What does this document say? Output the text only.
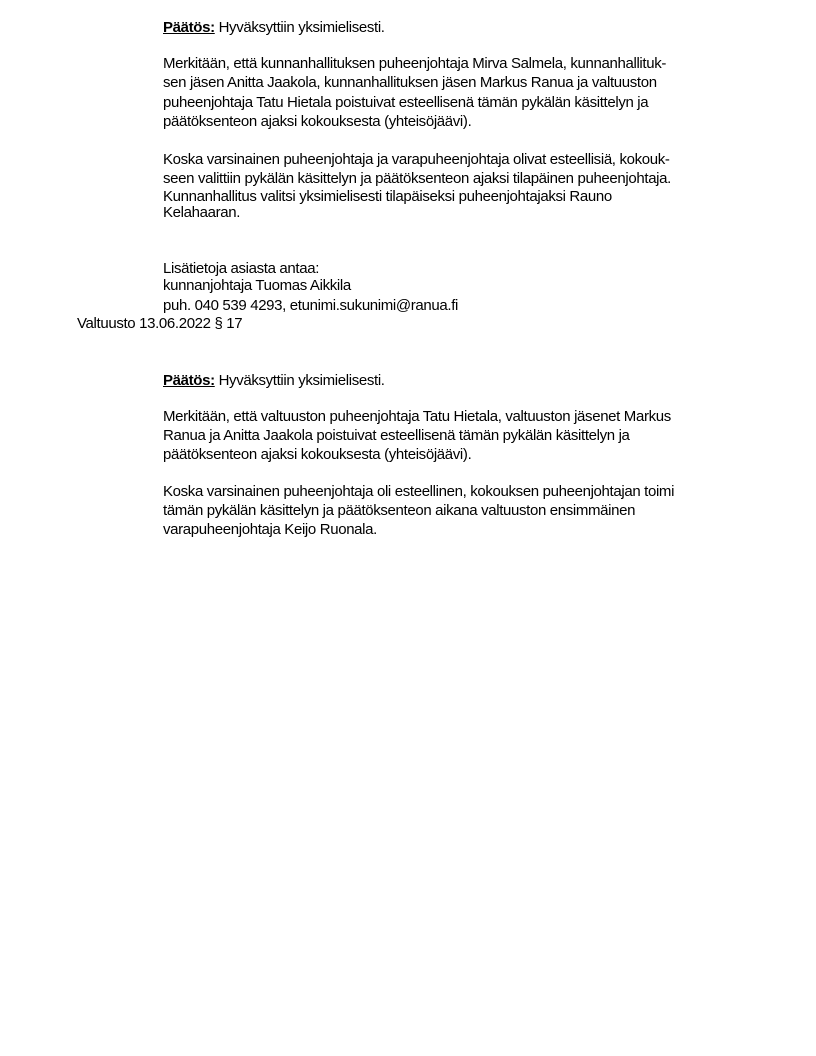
Päätös: Hyväksyttiin yksimielisesti.
Merkitään, että kunnanhallituksen puheenjohtaja Mirva Salmela, kunnanhallituk-
sen jäsen Anitta Jaakola, kunnanhallituksen jäsen Markus Ranua ja valtuuston
puheenjohtaja Tatu Hietala poistuivat esteellisenä tämän pykälän käsittelyn ja
päätöksenteon ajaksi kokouksesta (yhteisöjäävi).
Koska varsinainen puheenjohtaja ja varapuheenjohtaja olivat esteellisiä, kokouk-
seen valittiin pykälän käsittelyn ja päätöksenteon ajaksi tilapäinen puheenjohtaja.
Kunnanhallitus valitsi yksimielisesti tilapäiseksi puheenjohtajaksi Rauno
Kelahaaran.
Lisätietoja asiasta antaa:
kunnanjohtaja Tuomas Aikkila
puh. 040 539 4293, etunimi.sukunimi@ranua.fi
Valtuusto 13.06.2022 § 17
Päätös: Hyväksyttiin yksimielisesti.
Merkitään, että valtuuston puheenjohtaja Tatu Hietala, valtuuston jäsenet Markus
Ranua ja Anitta Jaakola poistuivat esteellisenä tämän pykälän käsittelyn ja
päätöksenteon ajaksi kokouksesta (yhteisöjäävi).
Koska varsinainen puheenjohtaja oli esteellinen, kokouksen puheenjohtajan toimi
tämän pykälän käsittelyn ja päätöksenteon aikana valtuuston ensimmäinen
varapuheenjohtaja Keijo Ruonala.
